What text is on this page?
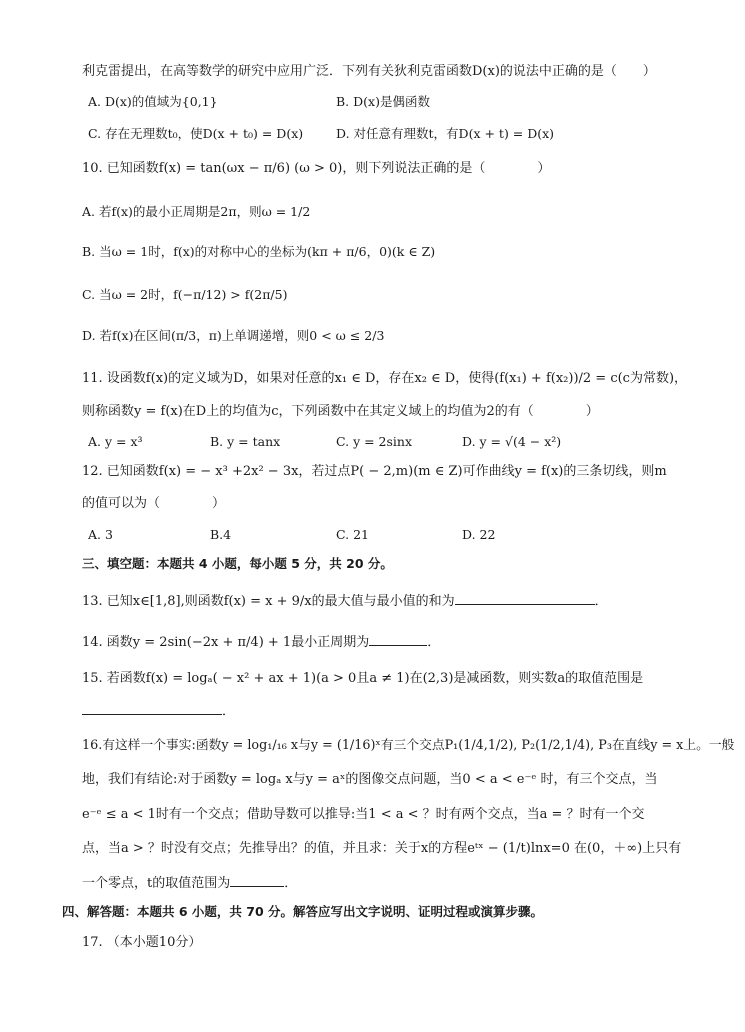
利克雷提出，在高等数学的研究中应用广泛．下列有关狄利克雷函数D(x)的说法中正确的是（　　）
A. D(x)的值域为{0,1}	B. D(x)是偶函数
C. 存在无理数t₀，使D(x + t₀) = D(x)	D. 对任意有理数t，有D(x + t) = D(x)
10. 已知函数f(x) = tan(ωx − π/6) (ω > 0)，则下列说法正确的是（　　　　）
A. 若f(x)的最小正周期是2π，则ω = 1/2
B. 当ω = 1时，f(x)的对称中心的坐标为(kπ + π/6，0)(k ∈ Z)
C. 当ω = 2时，f(−π/12) > f(2π/5)
D. 若f(x)在区间(π/3，π)上单调递增，则0 < ω ≤ 2/3
11. 设函数f(x)的定义域为D，如果对任意的x₁ ∈ D，存在x₂ ∈ D，使得(f(x₁) + f(x₂))/2 = c(c为常数)，
则称函数y = f(x)在D上的均值为c，下列函数中在其定义域上的均值为2的有（　　　　）
A. y = x³	B. y = tanx	C. y = 2sinx	D. y = √(4 − x²)
12. 已知函数f(x) = − x³ +2x² − 3x，若过点P( − 2,m)(m ∈ Z)可作曲线y = f(x)的三条切线，则m
的值可以为（　　　　）
A. 3	B.4	C. 21	D. 22
三、填空题：本题共 4 小题，每小题 5 分，共 20 分。
13. 已知x∈[1,8],则函数f(x) = x + 9/x的最大值与最小值的和为	．
14. 函数y = 2sin(−2x + π/4) + 1最小正周期为	．
15. 若函数f(x) = logₐ( − x² + ax + 1)(a > 0且a ≠ 1)在(2,3)是减函数，则实数a的取值范围是
．
16.有这样一个事实:函数y = log₁/₁₆ x与y = (1/16)ˣ有三个交点P₁(1/4,1/2), P₂(1/2,1/4), P₃在直线y = x上。一般
地，我们有结论:对于函数y = logₐ x与y = aˣ的图像交点问题，当0 < a < e⁻ᵉ 时，有三个交点，当
e⁻ᵉ ≤ a < 1时有一个交点；借助导数可以推导:当1 < a < ？时有两个交点，当a = ？时有一个交
点，当a > ？时没有交点；先推导出？的值，并且求：关于x的方程eᵗˣ − (1/t)lnx=0 在(0，＋∞)上只有
一个零点，t的取值范围为	．
四、解答题：本题共 6 小题，共 70 分。解答应写出文字说明、证明过程或演算步骤。
17. （本小题10分）
